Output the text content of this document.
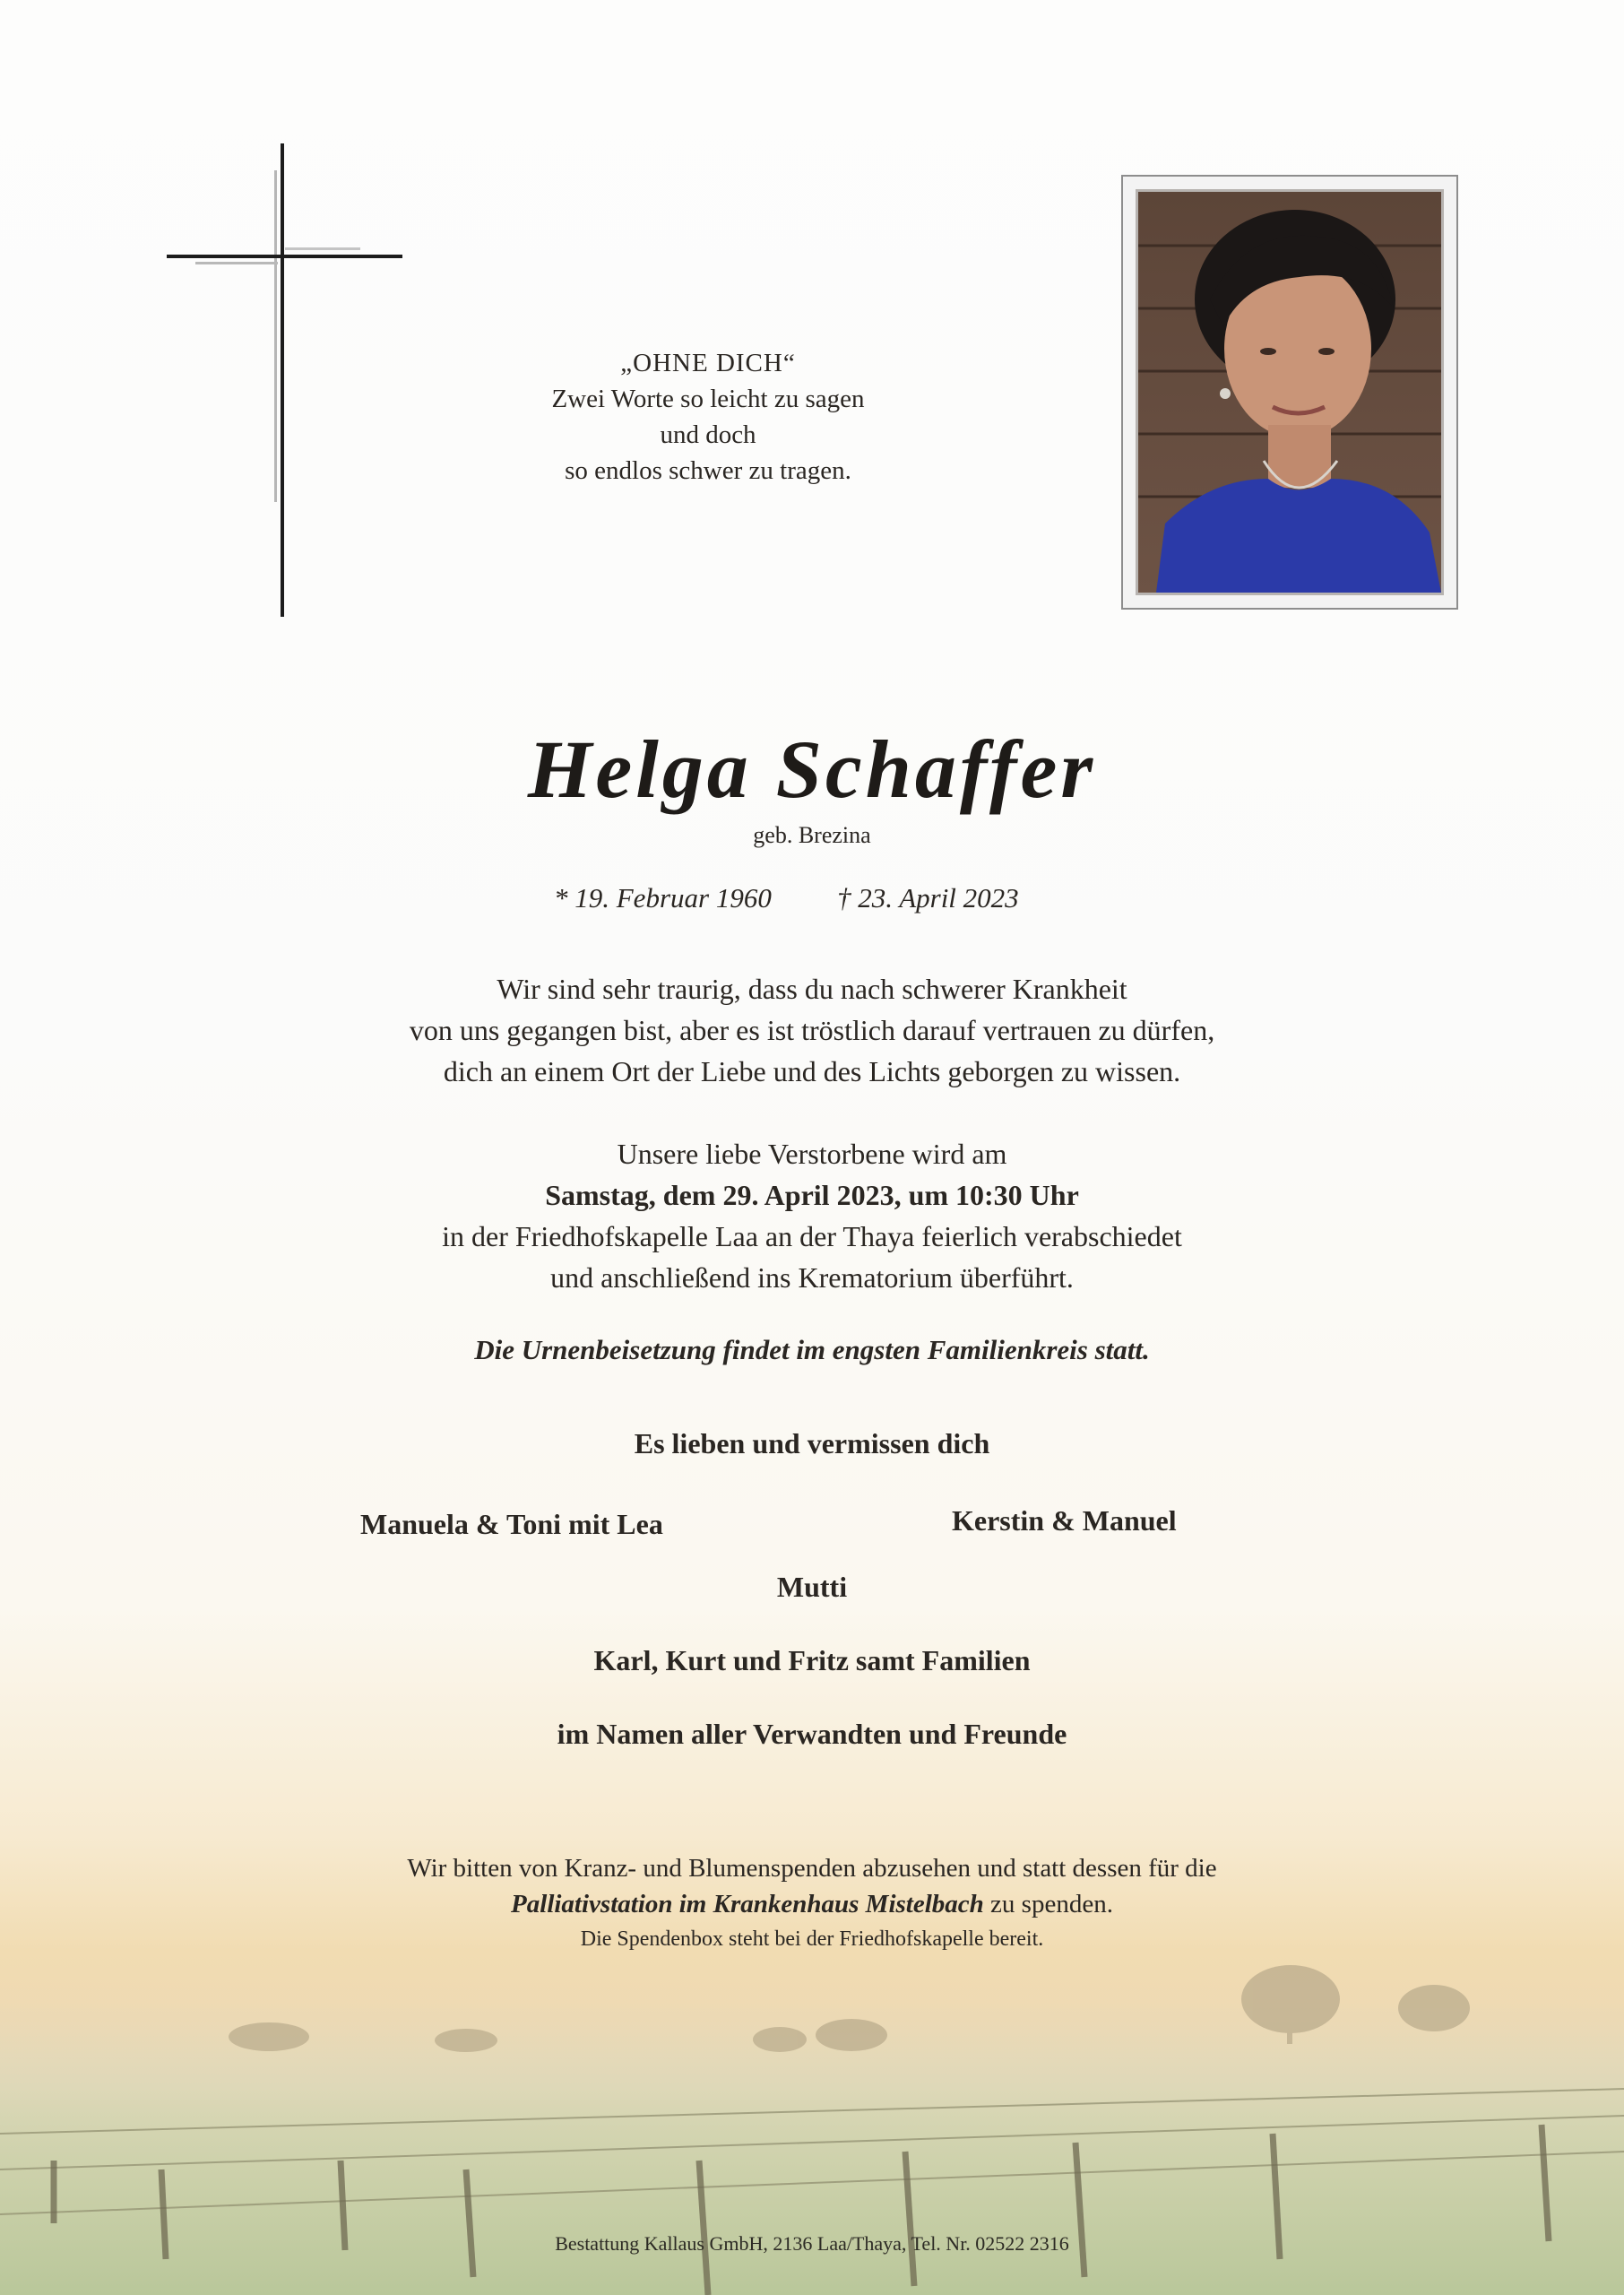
„OHNE DICH“
Zwei Worte so leicht zu sagen
und doch
so endlos schwer zu tragen.
Helga Schaffer
geb. Brezina
* 19. Februar 1960 † 23. April 2023
Wir sind sehr traurig, dass du nach schwerer Krankheit
von uns gegangen bist, aber es ist tröstlich darauf vertrauen zu dürfen,
dich an einem Ort der Liebe und des Lichts geborgen zu wissen.
Unsere liebe Verstorbene wird am
Samstag, dem 29. April 2023, um 10:30 Uhr
in der Friedhofskapelle Laa an der Thaya feierlich verabschiedet
und anschließend ins Krematorium überführt.
Die Urnenbeisetzung findet im engsten Familienkreis statt.
Es lieben und vermissen dich
Manuela & Toni mit Lea	Kerstin & Manuel
Mutti
Karl, Kurt und Fritz samt Familien
im Namen aller Verwandten und Freunde
Wir bitten von Kranz- und Blumenspenden abzusehen und statt dessen für die
Palliativstation im Krankenhaus Mistelbach zu spenden.
Die Spendenbox steht bei der Friedhofskapelle bereit.
Bestattung Kallaus GmbH, 2136 Laa/Thaya, Tel. Nr. 02522 2316
